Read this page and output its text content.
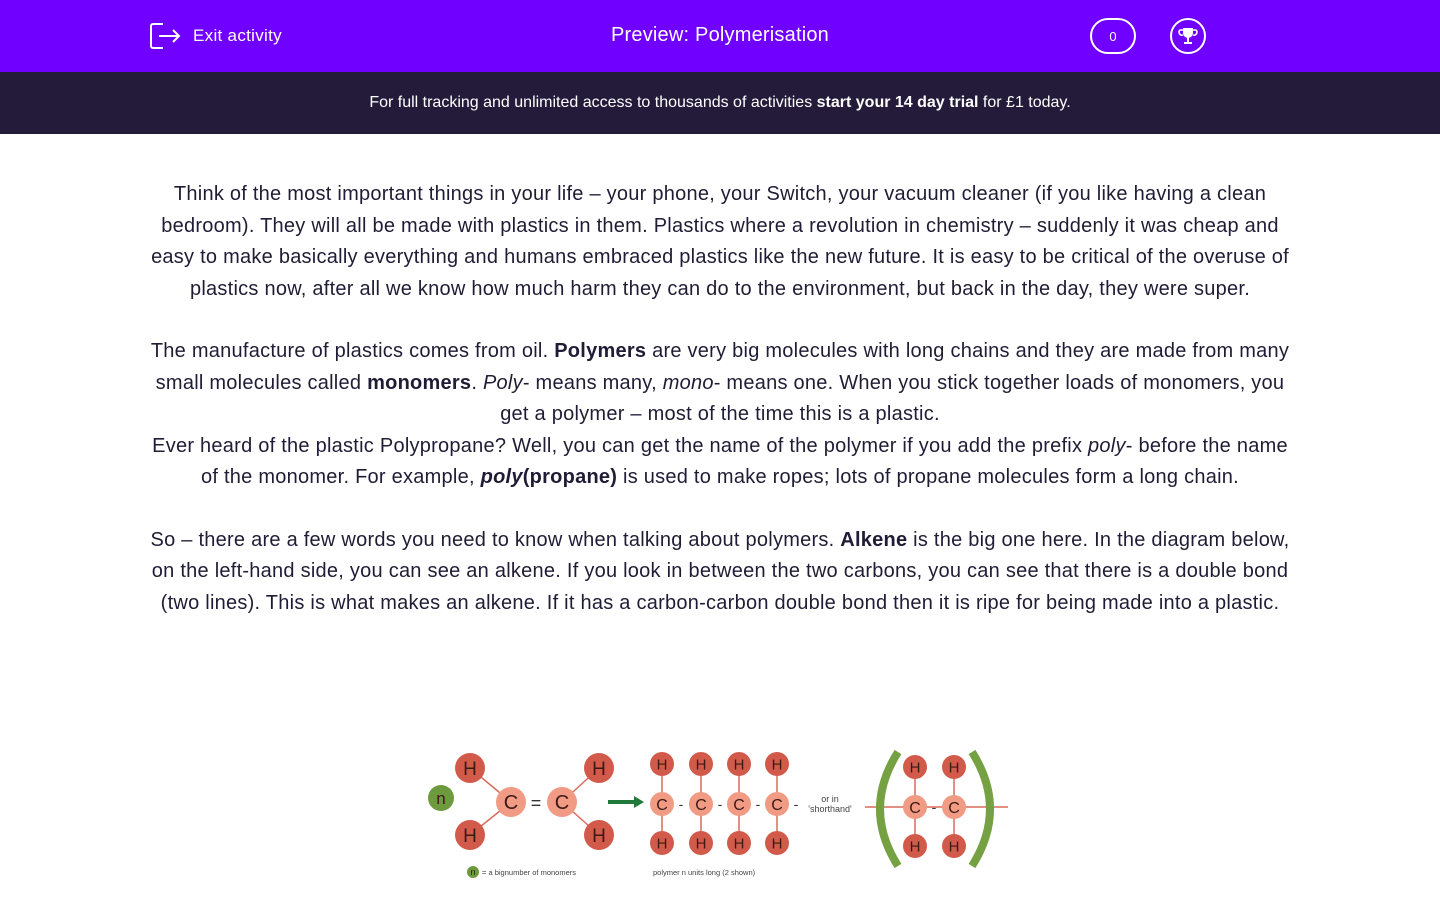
Exit activity	Preview: Polymerisation	0
For full tracking and unlimited access to thousands of activities start your 14 day trial for £1 today.

Think of the most important things in your life – your phone, your Switch, your vacuum cleaner (if you like having a clean bedroom). They will all be made with plastics in them. Plastics where a revolution in chemistry – suddenly it was cheap and easy to make basically everything and humans embraced plastics like the new future. It is easy to be critical of the overuse of plastics now, after all we know how much harm they can do to the environment, but back in the day, they were super.

The manufacture of plastics comes from oil. Polymers are very big molecules with long chains and they are made from many small molecules called monomers. Poly- means many, mono- means one. When you stick together loads of monomers, you get a polymer – most of the time this is a plastic.

Ever heard of the plastic Polypropane? Well, you can get the name of the polymer if you add the prefix poly- before the name of the monomer. For example, poly(propane) is used to make ropes; lots of propane molecules form a long chain.

So – there are a few words you need to know when talking about polymers. Alkene is the big one here. In the diagram below, on the left-hand side, you can see an alkene. If you look in between the two carbons, you can see that there is a double bond (two lines). This is what makes an alkene. If it has a carbon-carbon double bond then it is ripe for being made into a plastic.

n
H
H
H
H
C C
=
H
H
C -
H
H
C -
H
H
C -
H
H
C -	or in
'shorthand'
H
H
C
H
H
C
-
n = a bignumber of monomers	polymer n units long (2 shown)
